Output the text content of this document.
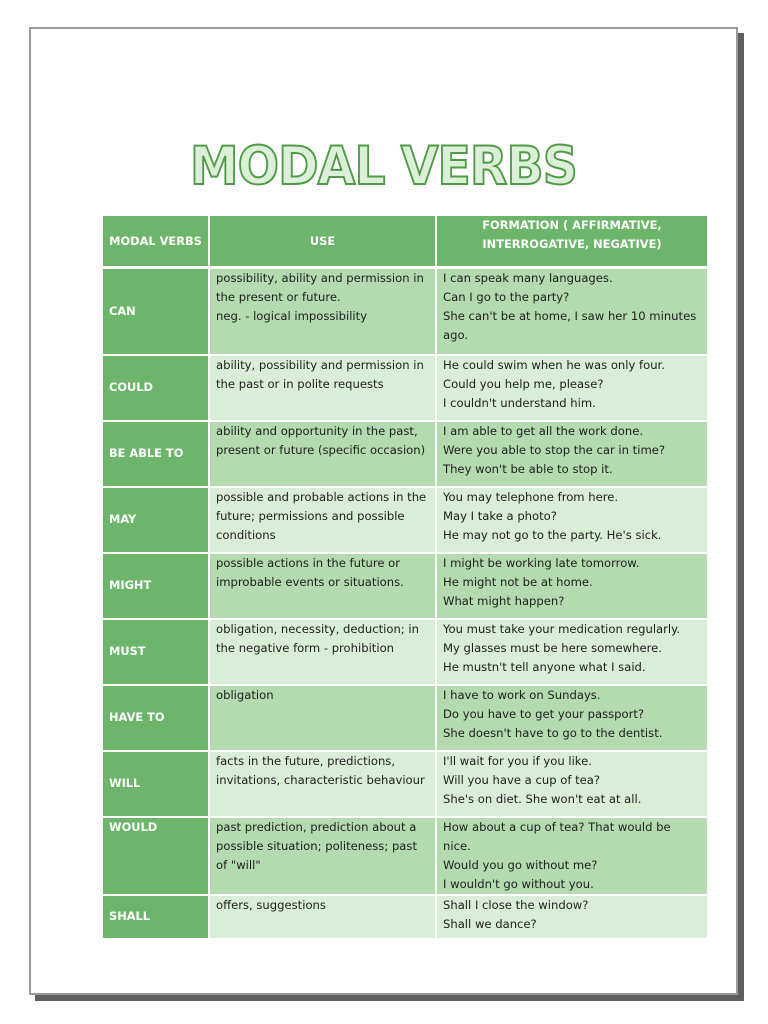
MODAL VERBS
MODAL VERBS	USE	FORMATION ( AFFIRMATIVE, INTERROGATIVE, NEGATIVE)
CAN	possibility, ability and permission in
the present or future.
neg. - logical impossibility	I can speak many languages.
Can I go to the party?
She can't be at home, I saw her 10 minutes
ago.

COULD	ability, possibility and permission in
the past or in polite requests	He could swim when he was only four.
Could you help me, please?
I couldn't understand him.

BE ABLE TO	ability and opportunity in the past,
present or future (specific occasion)	I am able to get all the work done.
Were you able to stop the car in time?
They won't be able to stop it.

MAY	possible and probable actions in the
future; permissions and possible
conditions	You may telephone from here.
May I take a photo?
He may not go to the party. He's sick.

MIGHT	possible actions in the future or
improbable events or situations.	I might be working late tomorrow.
He might not be at home.
What might happen?

MUST	obligation, necessity, deduction; in
the negative form - prohibition	You must take your medication regularly.
My glasses must be here somewhere.
He mustn't tell anyone what I said.

HAVE TO	obligation	I have to work on Sundays.
Do you have to get your passport?
She doesn't have to go to the dentist.

WILL	facts in the future, predictions,
invitations, characteristic behaviour	I'll wait for you if you like.
Will you have a cup of tea?
She's on diet. She won't eat at all.

WOULD	past prediction, prediction about a
possible situation; politeness; past
of "will"	How about a cup of tea? That would be
nice.
Would you go without me?
I wouldn't go without you.

SHALL	offers, suggestions	Shall I close the window?
Shall we dance?
